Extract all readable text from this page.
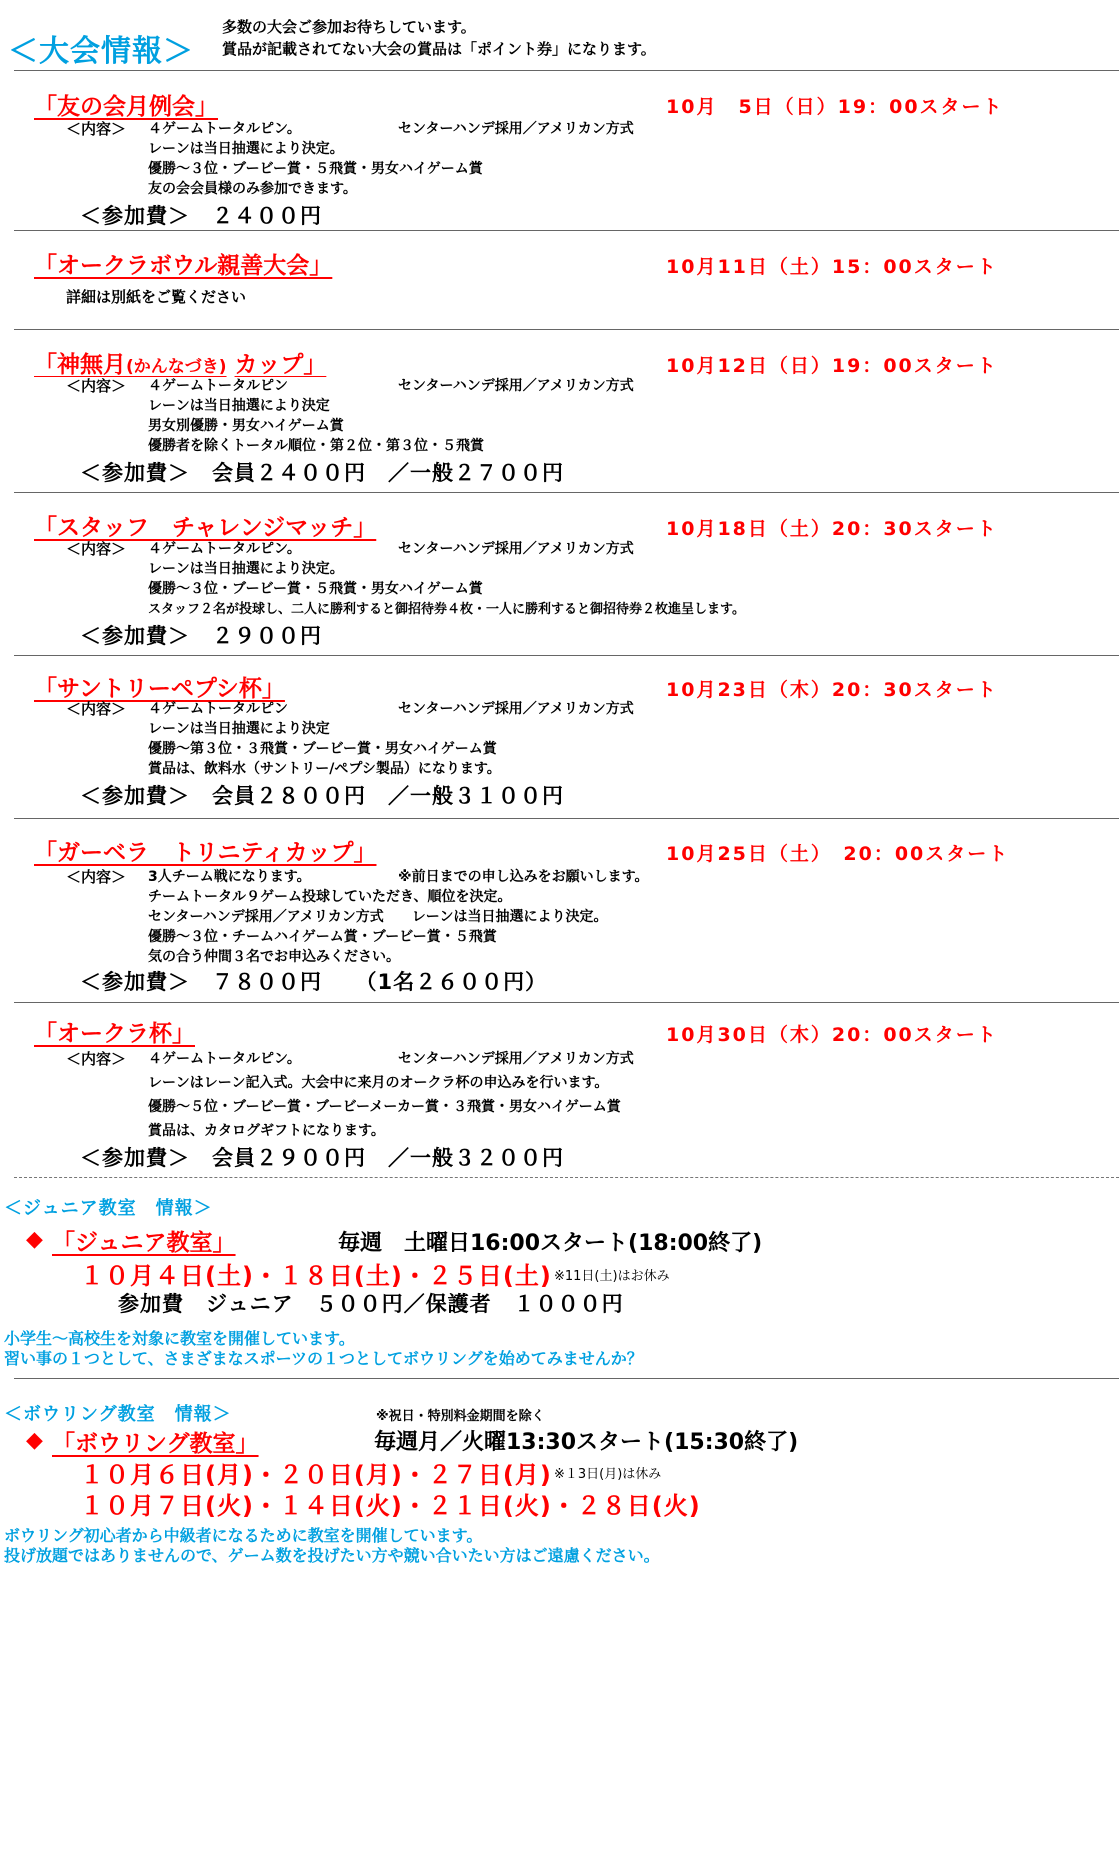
＜大会情報＞
多数の大会ご参加お待ちしています。
賞品が記載されてない大会の賞品は「ポイント券」になります。
「友の会月例会」	10月　5日（日）19：00スタート
＜内容＞ ４ゲームトータルピン。	センターハンデ採用／アメリカン方式
レーンは当日抽選により決定。
優勝～３位・ブービー賞・５飛賞・男女ハイゲーム賞
友の会会員様のみ参加できます。
＜参加費＞　２４００円
「オークラボウル親善大会」	10月11日（土）15：00スタート
詳細は別紙をご覧ください
「神無月(かんなづき) カップ」	10月12日（日）19：00スタート
＜内容＞ ４ゲームトータルピン	センターハンデ採用／アメリカン方式
レーンは当日抽選により決定
男女別優勝・男女ハイゲーム賞
優勝者を除くトータル順位・第２位・第３位・５飛賞
＜参加費＞　会員２４００円　／一般２７００円
「スタッフ　チャレンジマッチ」	10月18日（土）20：30スタート
＜内容＞ ４ゲームトータルピン。	センターハンデ採用／アメリカン方式
レーンは当日抽選により決定。
優勝～３位・ブービー賞・５飛賞・男女ハイゲーム賞
スタッフ２名が投球し、二人に勝利すると御招待券４枚・一人に勝利すると御招待券２枚進呈します。
＜参加費＞　２９００円
「サントリーペプシ杯」	10月23日（木）20：30スタート
＜内容＞ ４ゲームトータルピン	センターハンデ採用／アメリカン方式
レーンは当日抽選により決定
優勝～第３位・３飛賞・ブービー賞・男女ハイゲーム賞
賞品は、飲料水（サントリー/ペプシ製品）になります。
＜参加費＞　会員２８００円　／一般３１００円
「ガーベラ　トリニティカップ」	10月25日（土）　20：00スタート
＜内容＞ 3人チーム戦になります。	※前日までの申し込みをお願いします。
チームトータル９ゲーム投球していただき、順位を決定。
センターハンデ採用／アメリカン方式　　レーンは当日抽選により決定。
優勝～３位・チームハイゲーム賞・ブービー賞・５飛賞
気の合う仲間３名でお申込みください。
＜参加費＞　７８００円　　（1名２６００円）
「オークラ杯」	10月30日（木）20：00スタート
＜内容＞ ４ゲームトータルピン。	センターハンデ採用／アメリカン方式
レーンはレーン記入式。大会中に来月のオークラ杯の申込みを行います。
優勝～５位・ブービー賞・ブービーメーカー賞・３飛賞・男女ハイゲーム賞
賞品は、カタログギフトになります。
＜参加費＞　会員２９００円　／一般３２００円
＜ジュニア教室　情報＞
◆ 「ジュニア教室」	毎週　土曜日16:00スタート(18:00終了)
１０月４日(土)・１８日(土)・２５日(土) ※11日(土)はお休み
参加費　ジュニア　５００円／保護者　１０００円
小学生～高校生を対象に教室を開催しています。
習い事の１つとして、さまざまなスポーツの１つとしてボウリングを始めてみませんか？
＜ボウリング教室　情報＞	※祝日・特別料金期間を除く
◆ 「ボウリング教室」	毎週月／火曜13:30スタート(15:30終了)
１０月６日(月)・２０日(月)・２７日(月) ※１3日(月)は休み
１０月７日(火)・１４日(火)・２１日(火)・２８日(火)
ボウリング初心者から中級者になるために教室を開催しています。
投げ放題ではありませんので、ゲーム数を投げたい方や競い合いたい方はご遠慮ください。
